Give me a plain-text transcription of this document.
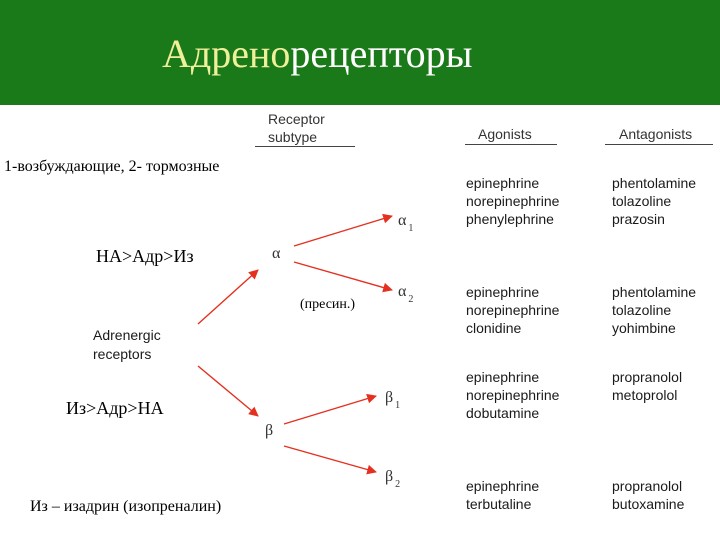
Адренорецепторы
Receptor
subtype	Agonists	Antagonists
1-возбуждающие, 2- тормозные
НА>Адр>Из
(пресин.)
Из>Адр>НА
Из – изадрин (изопреналин)
Adrenergic
receptors
α
β
α $_1$
α $_2$
β $_1$
β $_2$
epinephrine
norepinephrine
phenylephrine
epinephrine
norepinephrine
clonidine
epinephrine
norepinephrine
dobutamine
epinephrine
terbutaline
phentolamine
tolazoline
prazosin
phentolamine
tolazoline
yohimbine
propranolol
metoprolol
propranolol
butoxamine
